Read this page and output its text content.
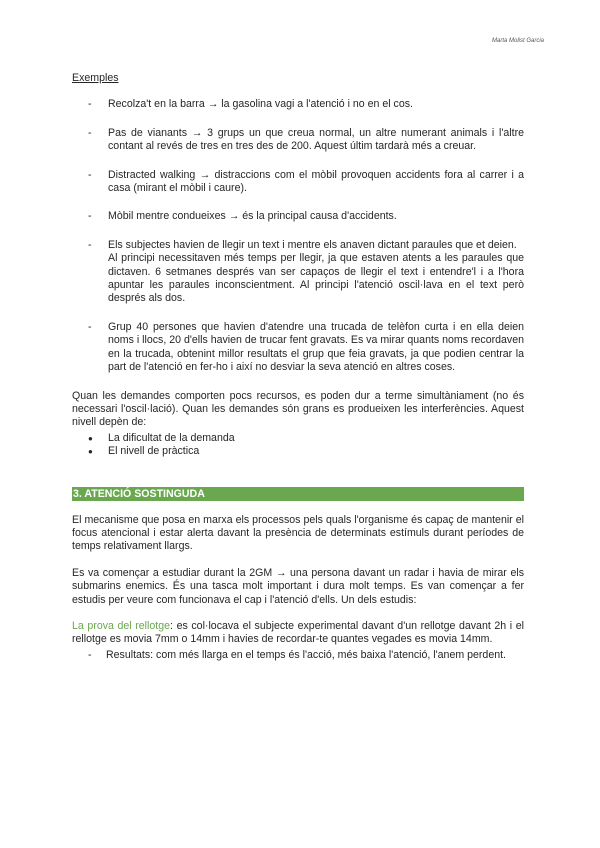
Marta Molist Garcia
Exemples
- Recolza't en la barra → la gasolina vagi a l'atenció i no en el cos.

- Pas de vianants → 3 grups un que creua normal, un altre numerant animals i l'altre contant al revés de tres en tres des de 200. Aquest últim tardarà més a creuar.

- Distracted walking → distraccions com el mòbil provoquen accidents fora al carrer i a casa (mirant el mòbil i caure).

- Mòbil mentre condueixes → és la principal causa d'accidents.

- Els subjectes havien de llegir un text i mentre els anaven dictant paraules que et deien.

Al principi necessitaven més temps per llegir, ja que estaven atents a les paraules que dictaven. 6 setmanes després van ser capaços de llegir el text i entendre'l i a l'hora apuntar les paraules inconscientment. Al principi l'atenció oscil·lava en el text però després als dos.

- Grup 40 persones que havien d'atendre una trucada de telèfon curta i en ella deien noms i llocs, 20 d'ells havien de trucar fent gravats. Es va mirar quants noms recordaven en la trucada, obtenint millor resultats el grup que feia gravats, ja que podien centrar la part de l'atenció en fer-ho i així no desviar la seva atenció en altres coses.

Quan les demandes comporten pocs recursos, es poden dur a terme simultàniament (no és necessari l'oscil·lació). Quan les demandes són grans es produeixen les interferències. Aquest nivell depèn de:

● La dificultat de la demanda
● El nivell de pràctica
3. ATENCIÓ SOSTINGUDA

El mecanisme que posa en marxa els processos pels quals l'organisme és capaç de mantenir el focus atencional i estar alerta davant la presència de determinats estímuls durant períodes de temps relativament llargs.

Es va començar a estudiar durant la 2GM → una persona davant un radar i havia de mirar els submarins enemics. És una tasca molt important i dura molt temps. Es van començar a fer estudis per veure com funcionava el cap i l'atenció d'ells. Un dels estudis:

La prova del rellotge: es col·locava el subjecte experimental davant d'un rellotge davant 2h i el rellotge es movia 7mm o 14mm i havies de recordar-te quantes vegades es movia 14mm.

- Resultats: com més llarga en el temps és l'acció, més baixa l'atenció, l'anem perdent.
